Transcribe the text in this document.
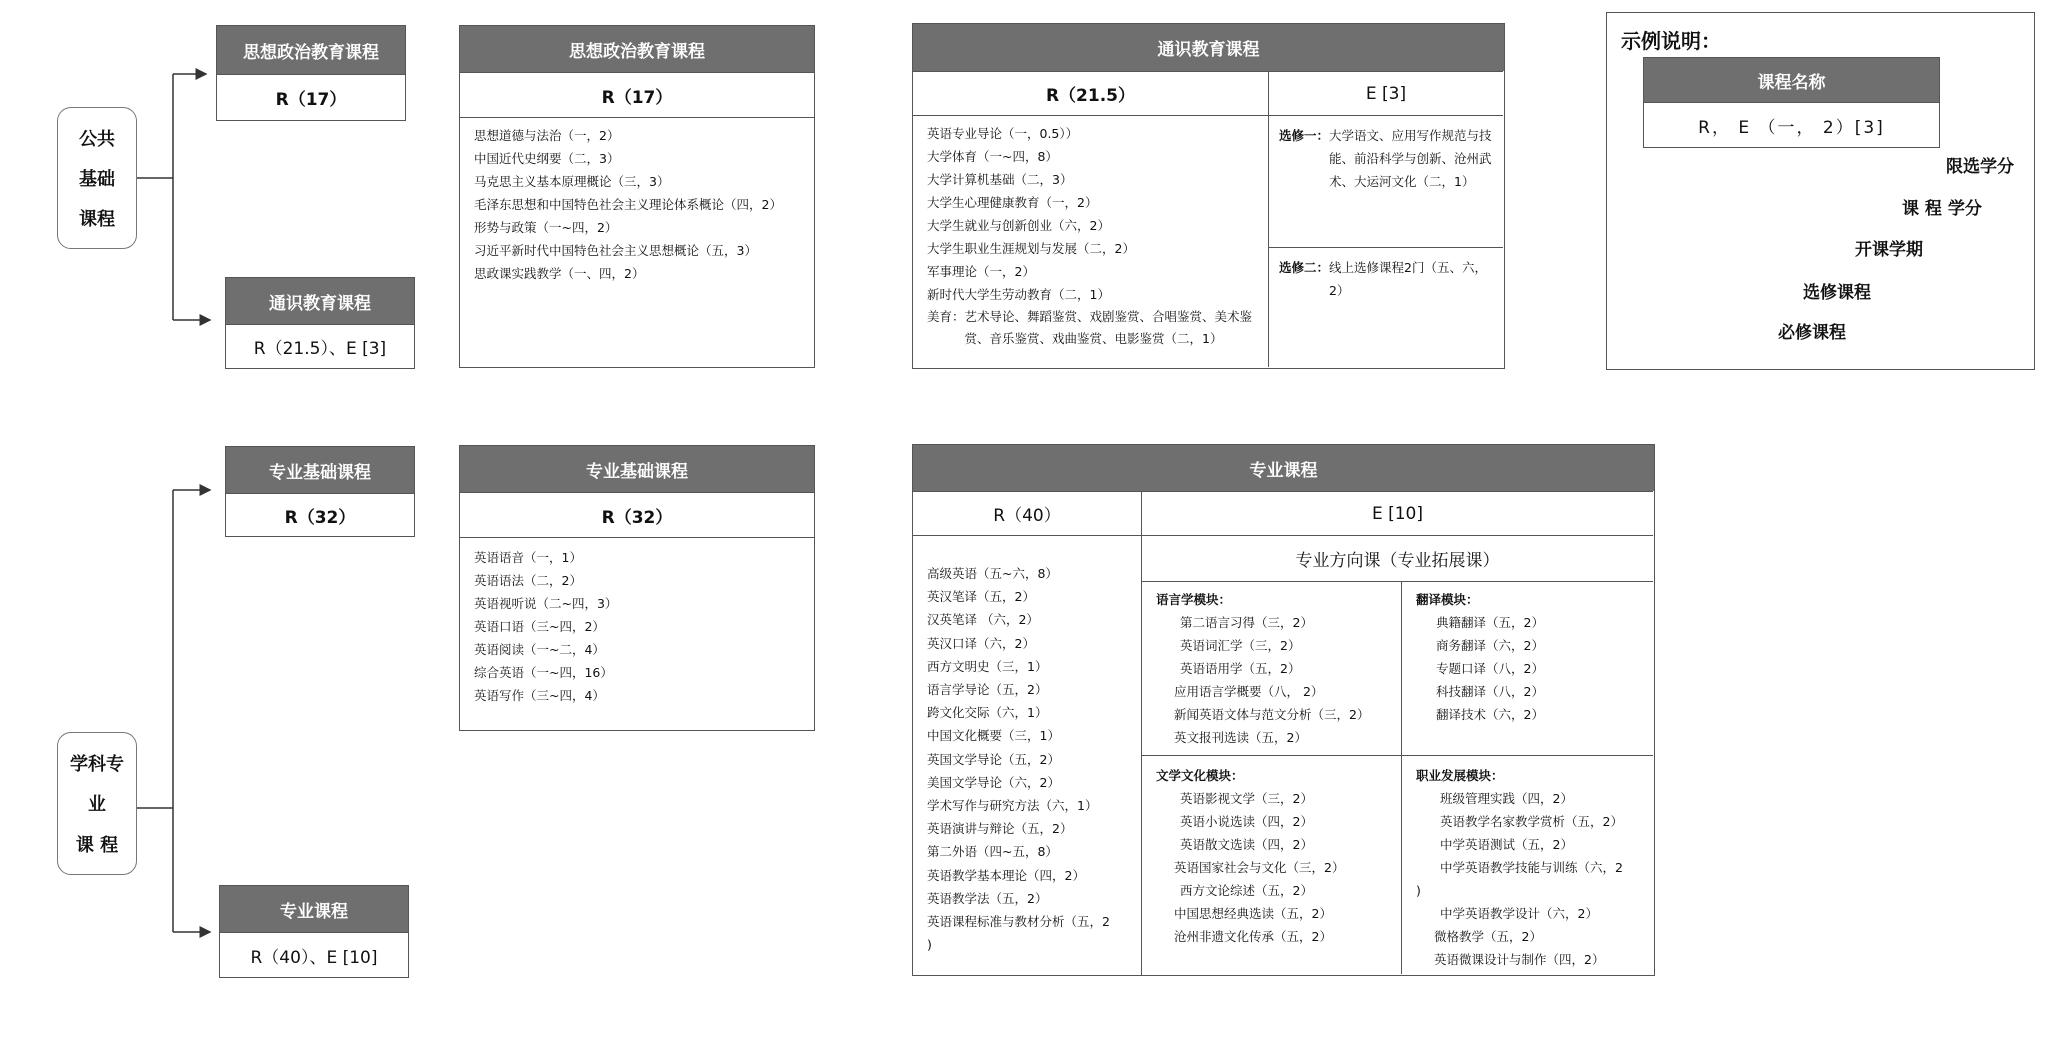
公共
基础
课程
思想政治教育课程
R（17）
通识教育课程
R（21.5）、E [3]
思想政治教育课程
R（17）
思想道德与法治（一，2）
中国近代史纲要（二，3）
马克思主义基本原理概论（三，3）
毛泽东思想和中国特色社会主义理论体系概论（四，2）
形势与政策（一~四，2）
习近平新时代中国特色社会主义思想概论（五，3）
思政课实践教学（一、四，2）
通识教育课程
R（21.5）
英语专业导论（一，0.5））
大学体育（一~四，8）
大学计算机基础（二，3）
大学生心理健康教育（一，2）
大学生就业与创新创业（六，2）
大学生职业生涯规划与发展（二，2）
军事理论（一，2）
新时代大学生劳动教育（二，1）
美育： 艺术导论、舞蹈鉴赏、戏剧鉴赏、合唱鉴赏、美术鉴赏、音乐鉴赏、戏曲鉴赏、电影鉴赏（二，1）
E [3]
选修一： 大学语文、应用写作规范与技能、前沿科学与创新、沧州武术、大运河文化（二，1）
选修二： 线上选修课程2门（五、六，2）
示例说明：
课程名称
R， E （一， 2）[3]
限选学分
课 程 学分
开课学期
选修课程
必修课程
学科专
业
课 程
专业基础课程
R（32）
专业课程
R（40）、E [10]
专业基础课程
R（32）
英语语音（一，1）
英语语法（二，2）
英语视听说（二~四，3）
英语口语（三~四，2）
英语阅读（一~二，4）
综合英语（一~四，16）
英语写作（三~四，4）
专业课程
R（40）
高级英语（五~六，8）
英汉笔译（五，2）
汉英笔译 （六，2）
英汉口译（六，2）
西方文明史（三，1）
语言学导论（五，2）
跨文化交际（六，1）
中国文化概要（三，1）
英国文学导论（五，2）
美国文学导论（六，2）
学术写作与研究方法（六，1）
英语演讲与辩论（五，2）
第二外语（四~五，8）
英语教学基本理论（四，2）
英语教学法（五，2）
英语课程标准与教材分析（五，2
)
E [10]
专业方向课（专业拓展课）
语言学模块：
第二语言习得（三，2）
英语词汇学（三，2）
英语语用学（五，2）
应用语言学概要（八， 2）
新闻英语文体与范文分析（三，2）
英文报刊选读（五，2）
翻译模块：
典籍翻译（五，2）
商务翻译（六，2）
专题口译（八，2）
科技翻译（八，2）
翻译技术（六，2）
文学文化模块：
英语影视文学（三，2）
英语小说选读（四，2）
英语散文选读（四，2）
英语国家社会与文化（三，2）
西方文论综述（五，2）
中国思想经典选读（五，2）
沧州非遗文化传承（五，2）
职业发展模块：
班级管理实践（四，2）
英语教学名家教学赏析（五，2）
中学英语测试（五，2）
中学英语教学技能与训练（六，2
)
中学英语教学设计（六，2）
微格教学（五，2）
英语微课设计与制作（四，2）
